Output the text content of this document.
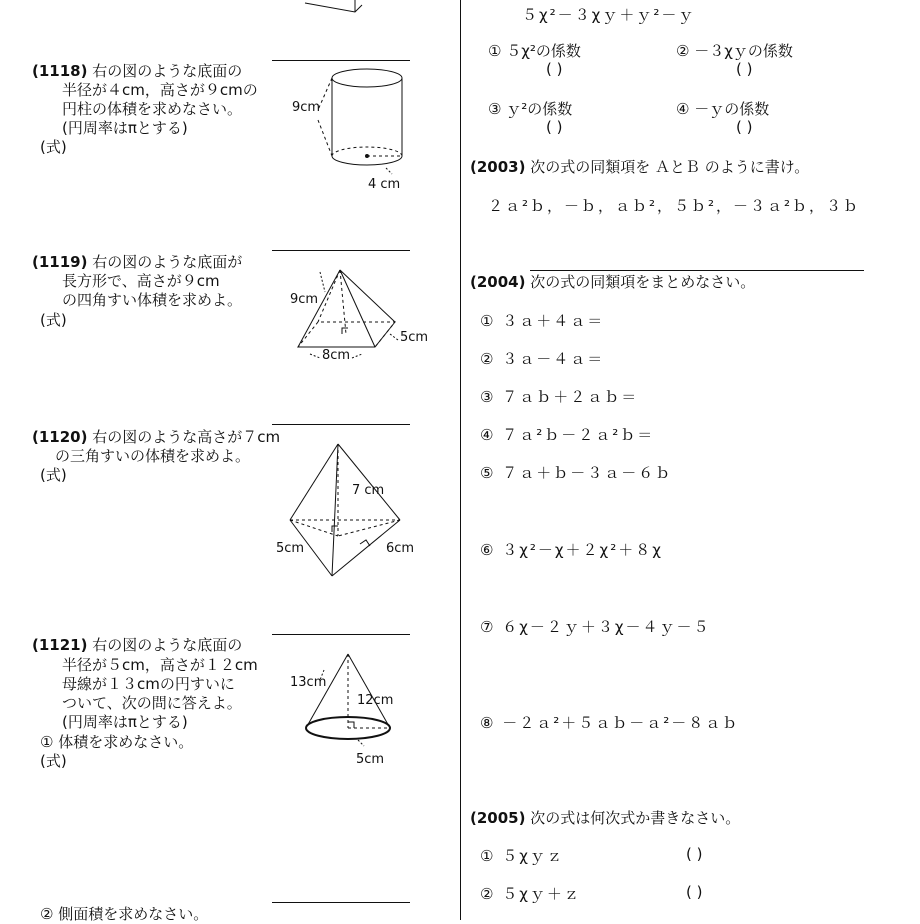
(1118) 右の図のような底面の
半径が４cm，高さが９cmの
円柱の体積を求めなさい。
(円周率はπとする)
(式)
9cm
4 cm
(1119) 右の図のような底面が
長方形で、高さが９cm
の四角すい体積を求めよ。
(式)
9cm
5cm
8cm
(1120) 右の図のような高さが７cm
の三角すいの体積を求めよ。
(式)
7 cm
5cm	6cm
(1121) 右の図のような底面の
半径が５cm，高さが１２cm
母線が１３cmの円すいに
ついて、次の問に答えよ。
(円周率はπとする)
① 体積を求めなさい。
(式)
13cm
12cm
5cm
② 側面積を求めなさい。
５χ²－３χｙ＋ｙ²－ｙ
① ５χ²の係数
( )
② －３χｙの係数
( )
③ ｙ²の係数
( )
④ －ｙの係数
( )
(2003) 次の式の同類項を ＡとＢ のように書け。
２ａ²ｂ，－ｂ，ａｂ²，５ｂ²，－３ａ²ｂ，３ｂ
(2004) 次の式の同類項をまとめなさい。
① ３ａ＋４ａ＝
② ３ａ－４ａ＝
③ ７ａｂ＋２ａｂ＝
④ ７ａ²ｂ－２ａ²ｂ＝
⑤ ７ａ＋ｂ－３ａ－６ｂ
⑥ ３χ²－χ＋２χ²＋８χ
⑦ ６χ－２ｙ＋３χ－４ｙ－５
⑧ －２ａ²＋５ａｂ－ａ²－８ａｂ
(2005) 次の式は何次式か書きなさい。
① ５χｙｚ	( )
② ５χｙ＋ｚ	( )
